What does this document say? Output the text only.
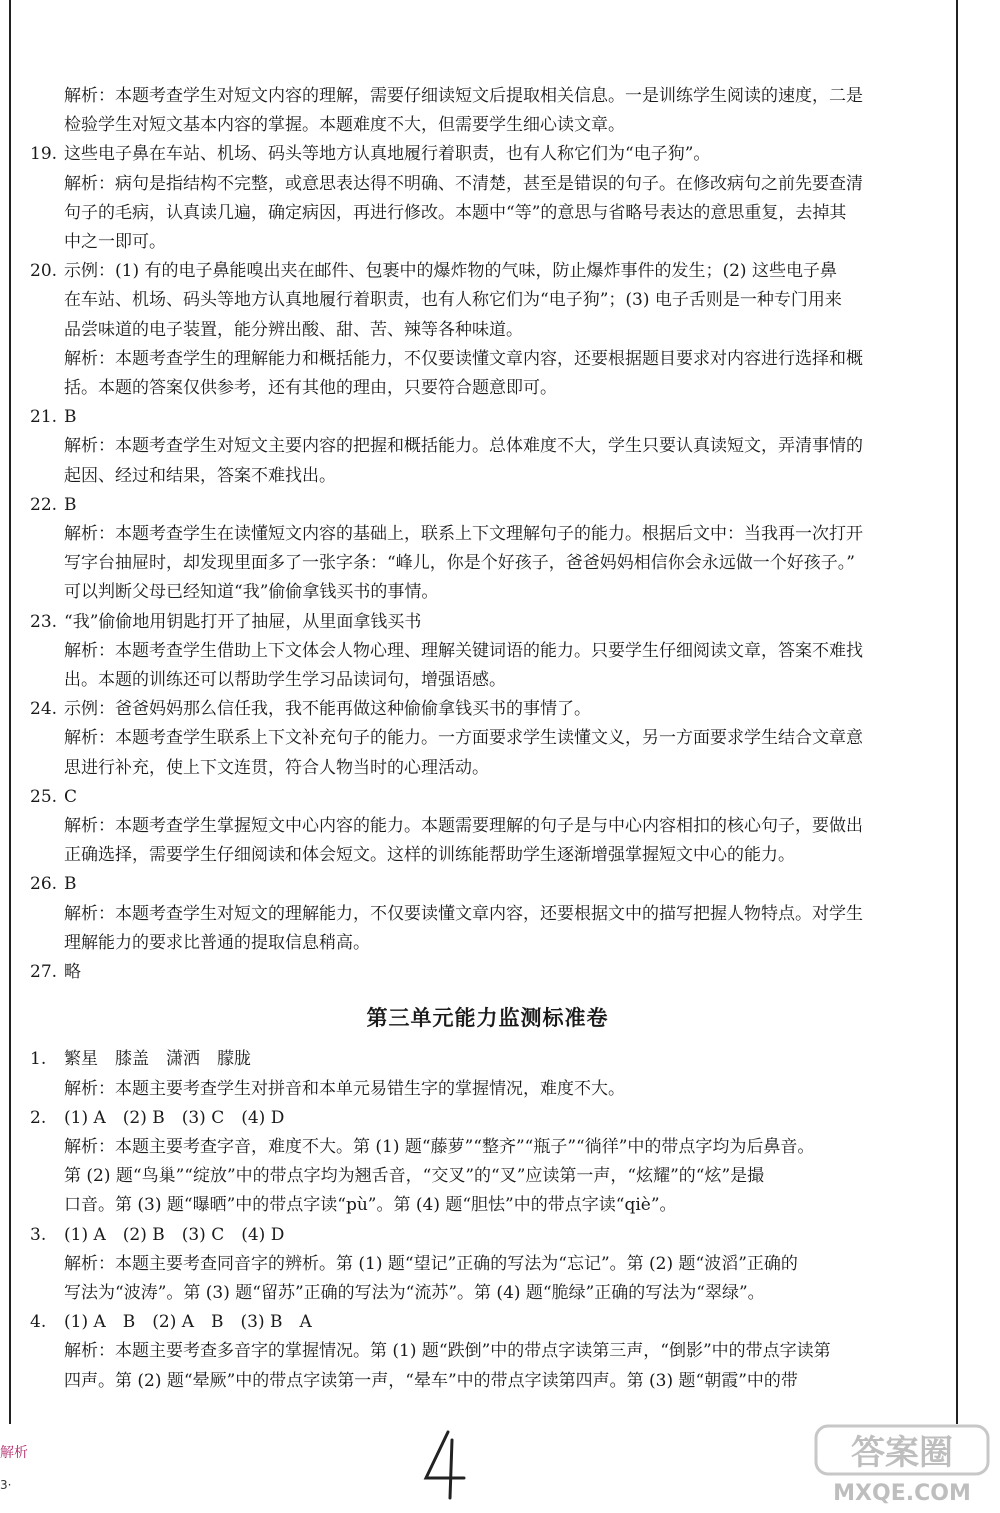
解析：本题考查学生对短文内容的理解，需要仔细读短文后提取相关信息。一是训练学生阅读的速度，二是
检验学生对短文基本内容的掌握。本题难度不大，但需要学生细心读文章。
19. 这些电子鼻在车站、机场、码头等地方认真地履行着职责，也有人称它们为“电子狗”。
解析：病句是指结构不完整，或意思表达得不明确、不清楚，甚至是错误的句子。在修改病句之前先要查清
句子的毛病，认真读几遍，确定病因，再进行修改。本题中“等”的意思与省略号表达的意思重复，去掉其
中之一即可。
20. 示例：(1) 有的电子鼻能嗅出夹在邮件、包裹中的爆炸物的气味，防止爆炸事件的发生；(2) 这些电子鼻
在车站、机场、码头等地方认真地履行着职责，也有人称它们为“电子狗”；(3) 电子舌则是一种专门用来
品尝味道的电子装置，能分辨出酸、甜、苦、辣等各种味道。
解析：本题考查学生的理解能力和概括能力，不仅要读懂文章内容，还要根据题目要求对内容进行选择和概
括。本题的答案仅供参考，还有其他的理由，只要符合题意即可。
21. B
解析：本题考查学生对短文主要内容的把握和概括能力。总体难度不大，学生只要认真读短文，弄清事情的
起因、经过和结果，答案不难找出。
22. B
解析：本题考查学生在读懂短文内容的基础上，联系上下文理解句子的能力。根据后文中：当我再一次打开
写字台抽屉时，却发现里面多了一张字条：“峰儿，你是个好孩子，爸爸妈妈相信你会永远做一个好孩子。”
可以判断父母已经知道“我”偷偷拿钱买书的事情。
23. “我”偷偷地用钥匙打开了抽屉，从里面拿钱买书
解析：本题考查学生借助上下文体会人物心理、理解关键词语的能力。只要学生仔细阅读文章，答案不难找
出。本题的训练还可以帮助学生学习品读词句，增强语感。
24. 示例：爸爸妈妈那么信任我，我不能再做这种偷偷拿钱买书的事情了。
解析：本题考查学生联系上下文补充句子的能力。一方面要求学生读懂文义，另一方面要求学生结合文章意
思进行补充，使上下文连贯，符合人物当时的心理活动。
25. C
解析：本题考查学生掌握短文中心内容的能力。本题需要理解的句子是与中心内容相扣的核心句子，要做出
正确选择，需要学生仔细阅读和体会短文。这样的训练能帮助学生逐渐增强掌握短文中心的能力。
26. B
解析：本题考查学生对短文的理解能力，不仅要读懂文章内容，还要根据文中的描写把握人物特点。对学生
理解能力的要求比普通的提取信息稍高。
27. 略
第三单元能力监测标准卷
1. 繁星　膝盖　潇洒　朦胧
解析：本题主要考查学生对拼音和本单元易错生字的掌握情况，难度不大。
2. (1) A　(2) B　(3) C　(4) D
解析：本题主要考查字音，难度不大。第 (1) 题“藤萝”“整齐”“瓶子”“徜徉”中的带点字均为后鼻音。
第 (2) 题“鸟巢”“绽放”中的带点字均为翘舌音，“交叉”的“叉”应读第一声，“炫耀”的“炫”是撮
口音。第 (3) 题“曝晒”中的带点字读“pù”。第 (4) 题“胆怯”中的带点字读“qiè”。
3. (1) A　(2) B　(3) C　(4) D
解析：本题主要考查同音字的辨析。第 (1) 题“望记”正确的写法为“忘记”。第 (2) 题“波滔”正确的
写法为“波涛”。第 (3) 题“留苏”正确的写法为“流苏”。第 (4) 题“脆绿”正确的写法为“翠绿”。
4. (1) A　B　(2) A　B　(3) B　A
解析：本题主要考查多音字的掌握情况。第 (1) 题“跌倒”中的带点字读第三声，“倒影”中的带点字读第
四声。第 (2) 题“晕厥”中的带点字读第一声，“晕车”中的带点字读第四声。第 (3) 题“朝霞”中的带
解析
3·
4
答案圈
MXQE.COM
